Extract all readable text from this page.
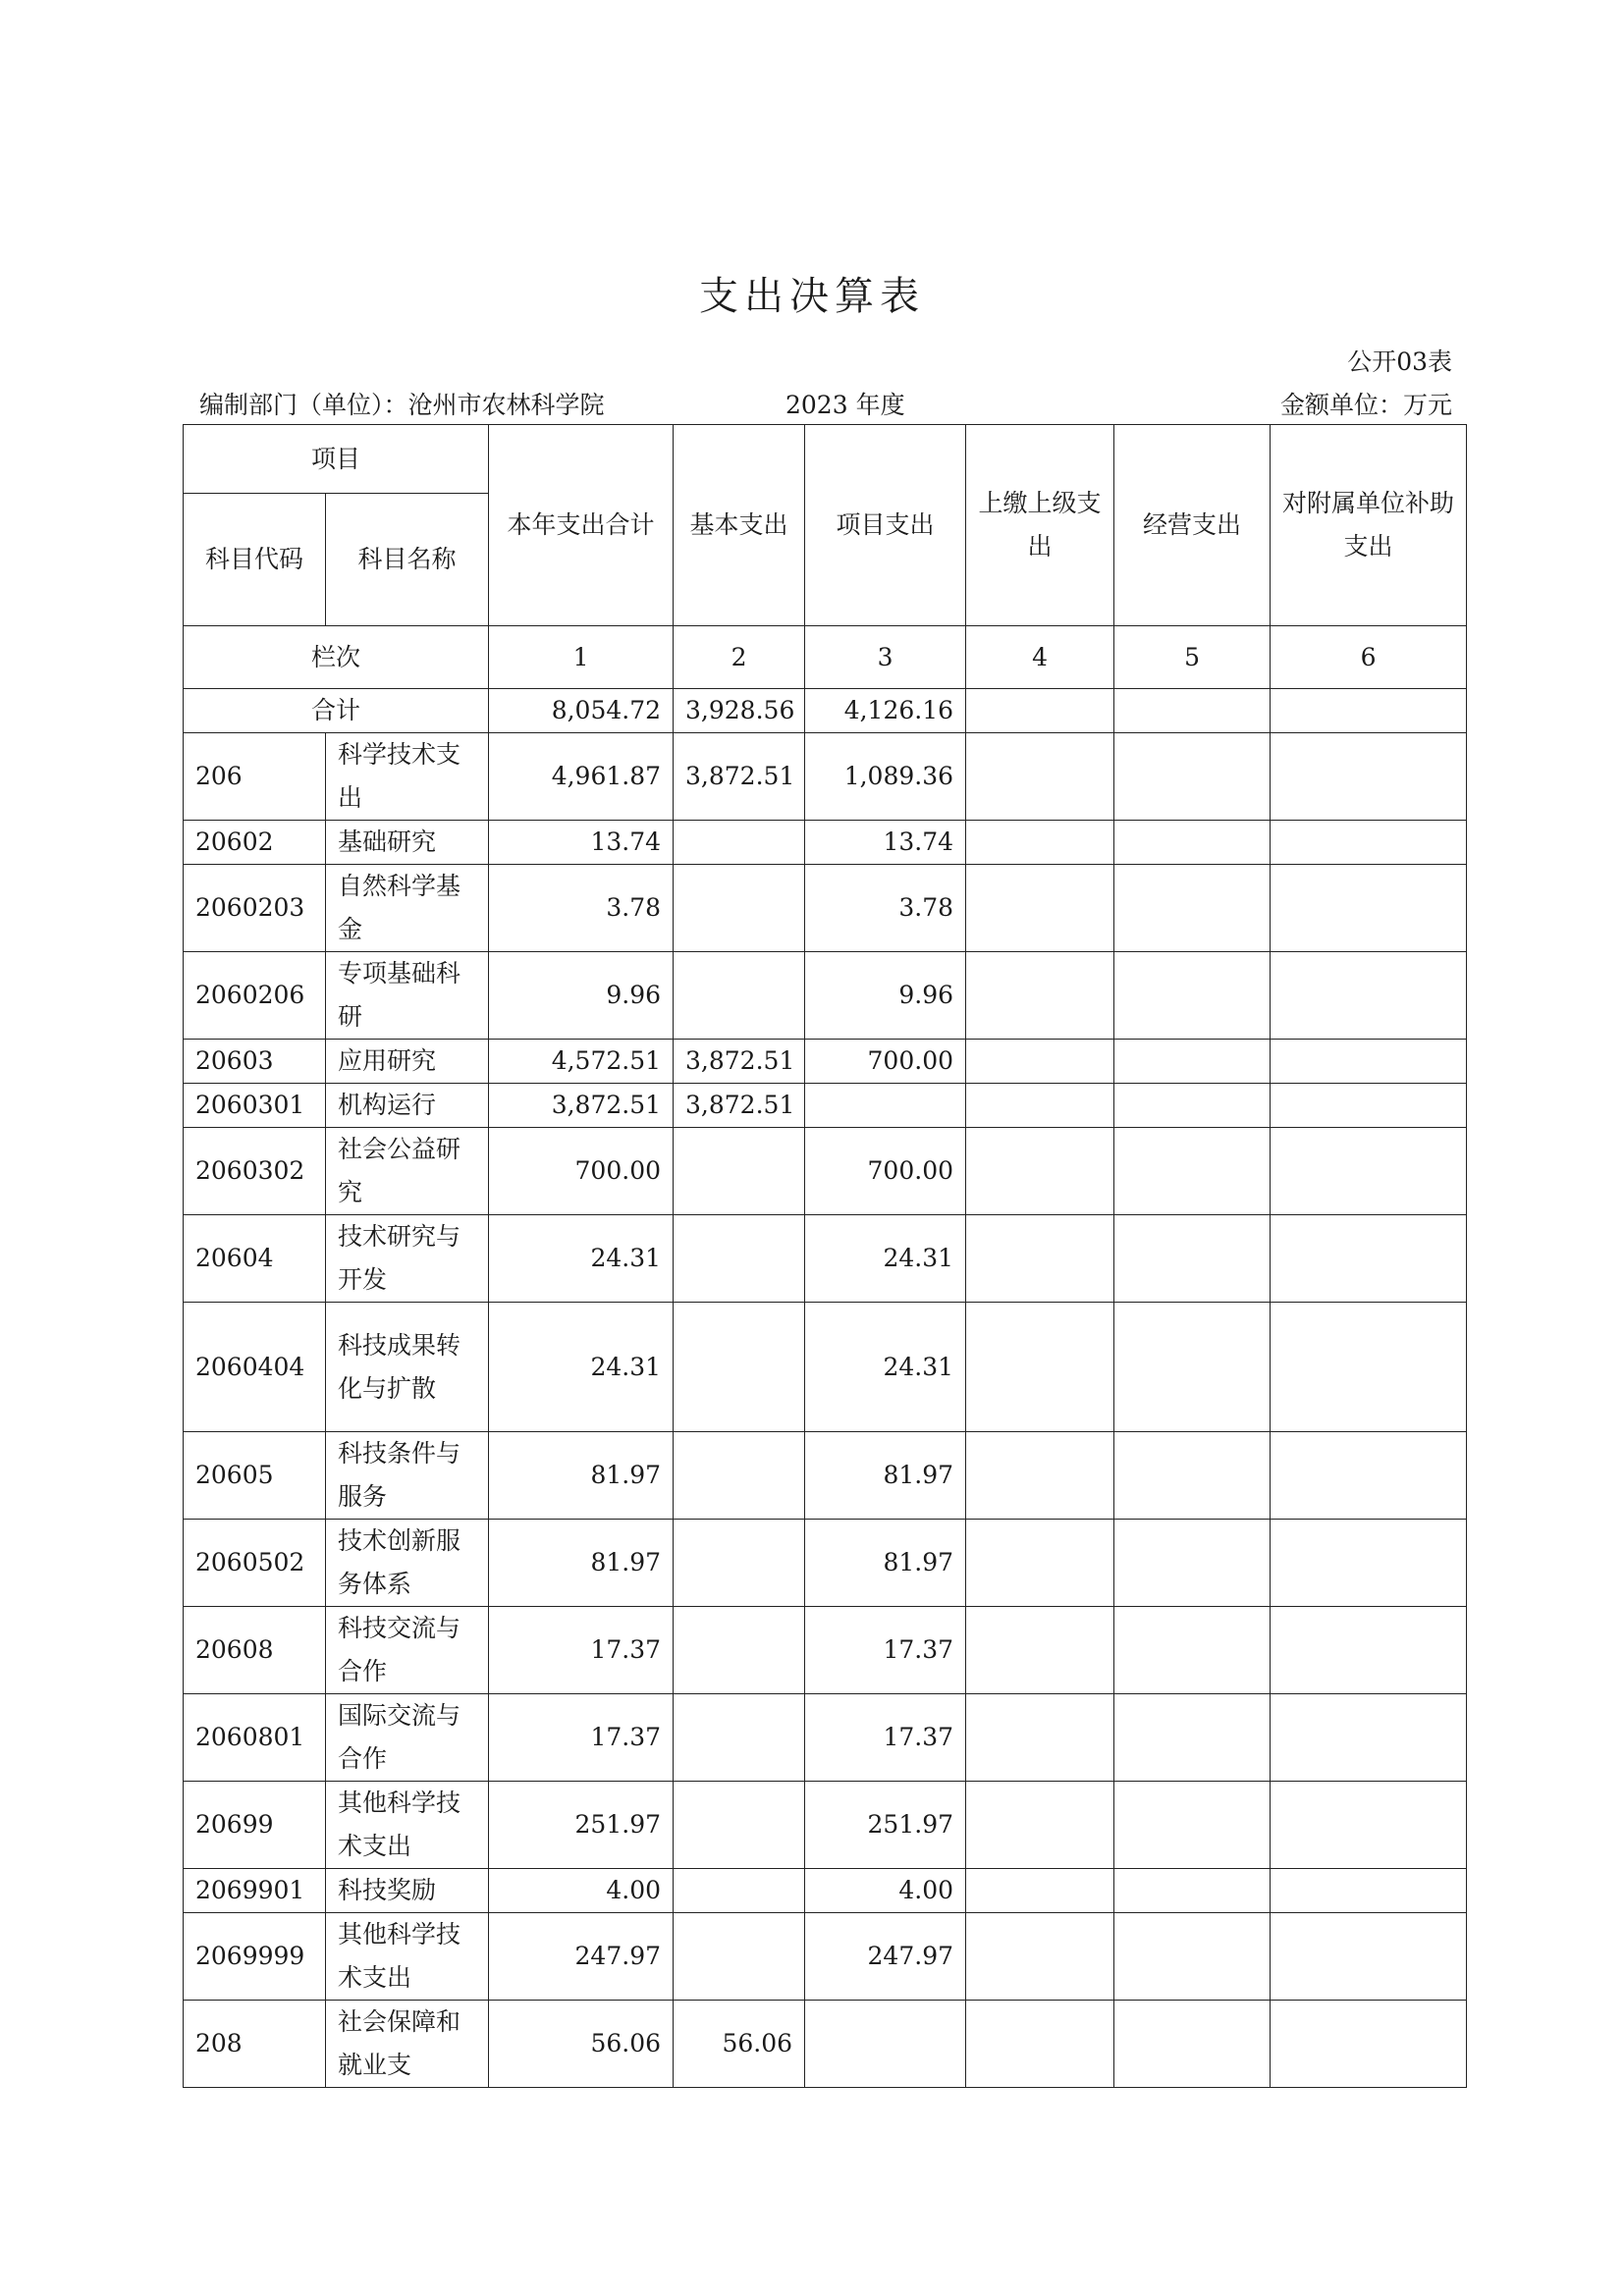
支出决算表
公开03表
编制部门（单位）：沧州市农林科学院	2023 年度	金额单位：万元
项目		本年支出合计	基本支出	项目支出	上缴上级支出	经营支出	对附属单位补助支出
科目代码	科目名称						
栏次		1	2	3	4	5	6
合计		8,054.72	3,928.56	4,126.16			
206	科学技术支出	4,961.87	3,872.51	1,089.36			
20602	基础研究	13.74		13.74			
2060203	自然科学基金	3.78		3.78			
2060206	专项基础科研	9.96		9.96			
20603	应用研究	4,572.51	3,872.51	700.00			
2060301	机构运行	3,872.51	3,872.51				
2060302	社会公益研究	700.00		700.00			
20604	技术研究与开发	24.31		24.31			
2060404	科技成果转化与扩散	24.31		24.31			
20605	科技条件与服务	81.97		81.97			
2060502	技术创新服务体系	81.97		81.97			
20608	科技交流与合作	17.37		17.37			
2060801	国际交流与合作	17.37		17.37			
20699	其他科学技术支出	251.97		251.97			
2069901	科技奖励	4.00		4.00			
2069999	其他科学技术支出	247.97		247.97			
208	社会保障和就业支	56.06	56.06				
